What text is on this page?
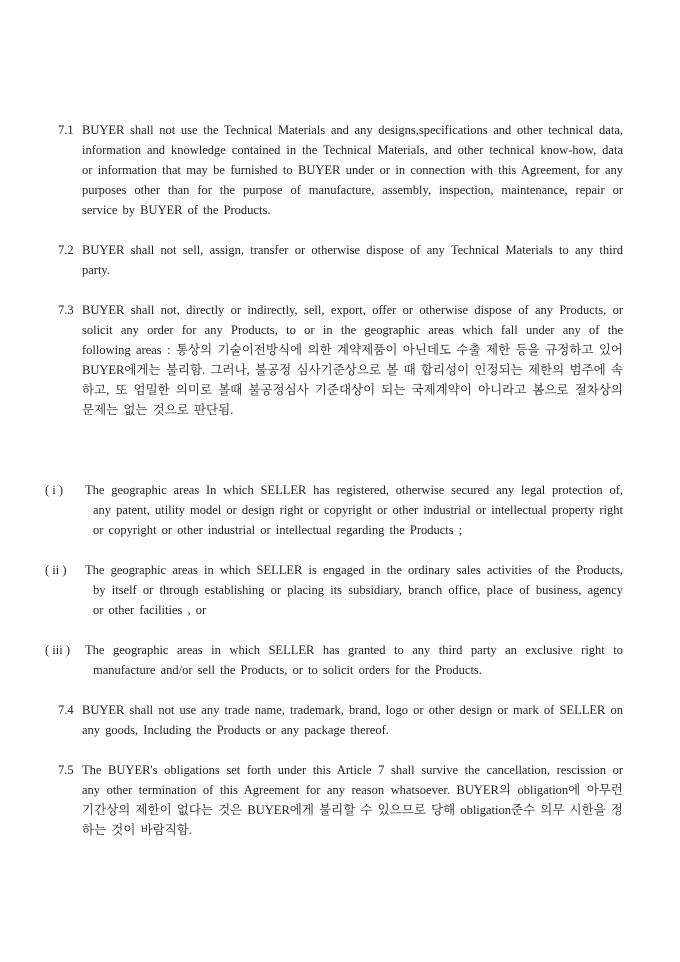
7.1 BUYER shall not use the Technical Materials and any designs,specifications and other technical data, information and knowledge contained in the Technical Materials, and other technical know-how, data or information that may be furnished to BUYER under or in connection with this Agreement, for any purposes other than for the purpose of manufacture, assembly, inspection, maintenance, repair or service by BUYER of the Products.
7.2 BUYER shall not sell, assign, transfer or otherwise dispose of any Technical Materials to any third party.
7.3 BUYER shall not, directly or indirectly, sell, export, offer or otherwise dispose of any Products, or solicit any order for any Products, to or in the geographic areas which fall under any of the following areas : 통상의 기술이전방식에 의한 계약제품이 아닌데도 수출 제한 등을 규정하고 있어 BUYER에게는 불리함. 그러나, 불공정 심사기준상으로 볼 때 합리성이 인정되는 제한의 범주에 속하고, 또 엄밀한 의미로 볼때 불공정심사 기준대상이 되는 국제계약이 아니라고 봄으로 절차상의 문제는 없는 것으로 판단됨.
( i )	The geographic areas In which SELLER has registered, otherwise secured any legal protection of, any patent, utility model or design right or copyright or other industrial or intellectual property right or copyright or other industrial or intellectual regarding the Products ;
( ii )	The geographic areas in which SELLER is engaged in the ordinary sales activities of the Products, by itself or through establishing or placing its subsidiary, branch office, place of business, agency or other facilities , or
( iii )	The geographic areas in which SELLER has granted to any third party an exclusive right to manufacture and/or sell the Products, or to solicit orders for the Products.
7.4 BUYER shall not use any trade name, trademark, brand, logo or other design or mark of SELLER on any goods, Including the Products or any package thereof.
7.5 The BUYER's obligations set forth under this Article 7 shall survive the cancellation, rescission or any other termination of this Agreement for any reason whatsoever. BUYER의 obligation에 아무런 기간상의 제한이 없다는 것은 BUYER에게 불리할 수 있으므로 당해 obligation준수 의무 시한을 정하는 것이 바람직함.
